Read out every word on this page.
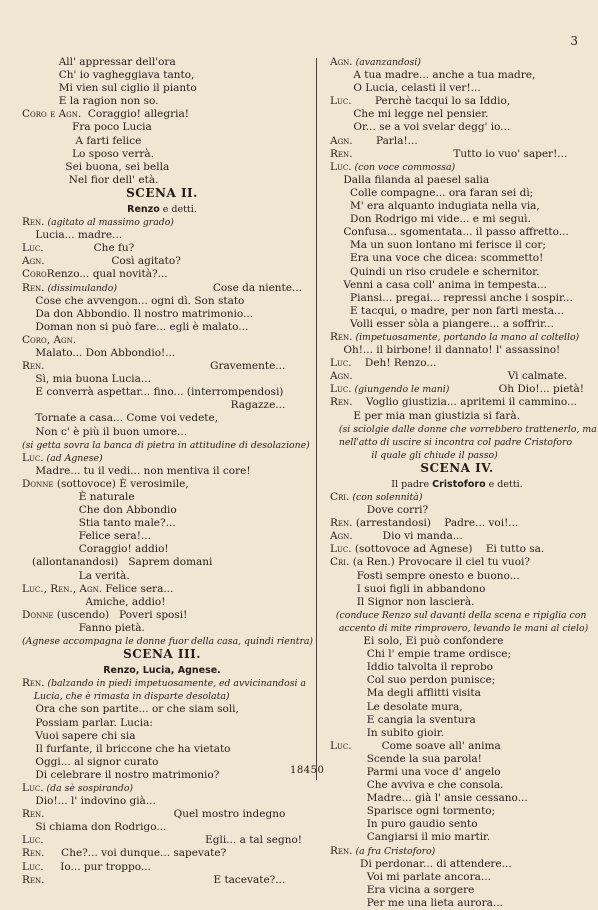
3
All' appressar dell'ora
Ch' io vagheggiava tanto,
Mi vien sul ciglio il pianto
E la ragion non so.
Coro e Agn.  Coraggio! allegria!
Fra poco Lucia
A farti felice
Lo sposo verrà.
Sei buona, sei bella
Nel fior dell' età.
SCENA II.
Renzo e detti.
Ren. (agitato al massimo grado)
Lucia... madre...
Luc.               Che fu?
Agn.                    Così agitato?
CoroRenzo... qual novità?...
Ren. (dissimulando)	Cose da niente...
Cose che avvengon... ogni dì. Son stato
Da don Abbondio. Il nostro matrimonio...
Doman non si può fare... egli è malato...
Coro, Agn.
Malato... Don Abbondio!...
Ren.	Gravemente...
Sì, mia buona Lucia...
E converrà aspettar... fino... (interrompendosi)
Ragazze...
Tornate a casa... Come voi vedete,
Non c' è più il buon umore...
(si getta sovra la banca di pietra in attitudine di desolazione)
Luc. (ad Agnese)
Madre... tu il vedi... non mentiva il core!
Donne (sottovoce) È verosimile,
È naturale
Che don Abbondio
Stia tanto male?...
Felice sera!...
Coraggio! addio!
(allontanandosi)   Saprem domani
La verità.
Luc., Ren., Agn. Felice sera...
Amiche, addio!
Donne (uscendo)   Poveri sposi!
Fanno pietà.
(Agnese accompagna le donne fuor della casa, quindi rientra)
SCENA III.
Renzo, Lucia, Agnese.
Ren. (balzando in piedi impetuosamente, ed avvicinandosi a
Lucia, che è rimasta in disparte desolata)
Ora che son partite... or che siam soli,
Possiam parlar. Lucia:
Vuoi sapere chi sia
Il furfante, il briccone che ha vietato
Oggi... al signor curato
Di celebrare il nostro matrimonio?
Luc. (da sè sospirando)
Dio!... l' indovino già...
Ren.	Quel mostro indegno
Si chiama don Rodrigo...
Luc.	Egli... a tal segno!
Ren.     Che?... voi dunque... sapevate?
Luc.     Io... pur troppo...
Ren.	E tacevate?...
Agn. (avanzandosi)
A tua madre... anche a tua madre,
O Lucia, celasti il ver!...
Luc.       Perchè tacqui lo sa Iddio,
Che mi legge nel pensier.
Or... se a voi svelar degg' io...
Agn.       Parla!...
Ren.	Tutto io vuo' saper!...
Luc. (con voce commossa)
Dalla filanda al paesel salia
Colle compagne... ora faran sei dì;
M' era alquanto indugiata nella via,
Don Rodrigo mi vide... e mi seguì.
Confusa... sgomentata... il passo affretto...
Ma un suon lontano mi ferisce il cor;
Era una voce che dicea: scommetto!
Quindi un riso crudele e schernitor.
Venni a casa coll' anima in tempesta...
Piansi... pregai... repressi anche i sospir...
E tacqui, o madre, per non farti mesta...
Volli esser sòla a piangere... a soffrir...
Ren. (impetuosamente, portando la mano al coltello)
Oh!... il birbone! il dannato! l' assassino!
Luc.    Deh! Renzo...
Agn.	Vi calmate.
Luc. (giungendo le mani)	Oh Dio!... pietà!
Ren.    Voglio giustizia... apritemi il cammino...
E per mia man giustizia si farà.
(si sciolgie dalle donne che vorrebbero trattenerlo, ma
nell'atto di uscire si incontra col padre Cristoforo
il quale gli chiude il passo)
SCENA IV.
Il padre Cristoforo e detti.
Cri. (con solennità)
Dove corri?
Ren. (arrestandosi)    Padre... voi!...
Agn.         Dio vi manda...
Luc. (sottovoce ad Agnese)    Ei tutto sa.
Cri. (a Ren.) Provocare il ciel tu vuoi?
Fosti sempre onesto e buono...
I suoi figli in abbandono
Il Signor non lascierà.
(conduce Renzo sul davanti della scena e ripiglia con
accento di mite rimprovero, levando le mani al cielo)
Ei solo, Ei può confondere
Chi l' empie trame ordisce;
Iddio talvolta il reprobo
Col suo perdon punisce;
Ma degli afflitti visita
Le desolate mura,
E cangia la sventura
In subito gioir.
Luc.         Come soave all' anima
Scende la sua parola!
Parmi una voce d' angelo
Che avviva e che consola.
Madre... già l' ansie cessano...
Sparisce ogni tormento;
In puro gaudio sento
Cangiarsi il mio martir.
Ren. (a fra Cristoforo)
Di perdonar... di attendere...
Voi mi parlate ancora...
Era vicina a sorgere
Per me una lieta aurora...
18450
